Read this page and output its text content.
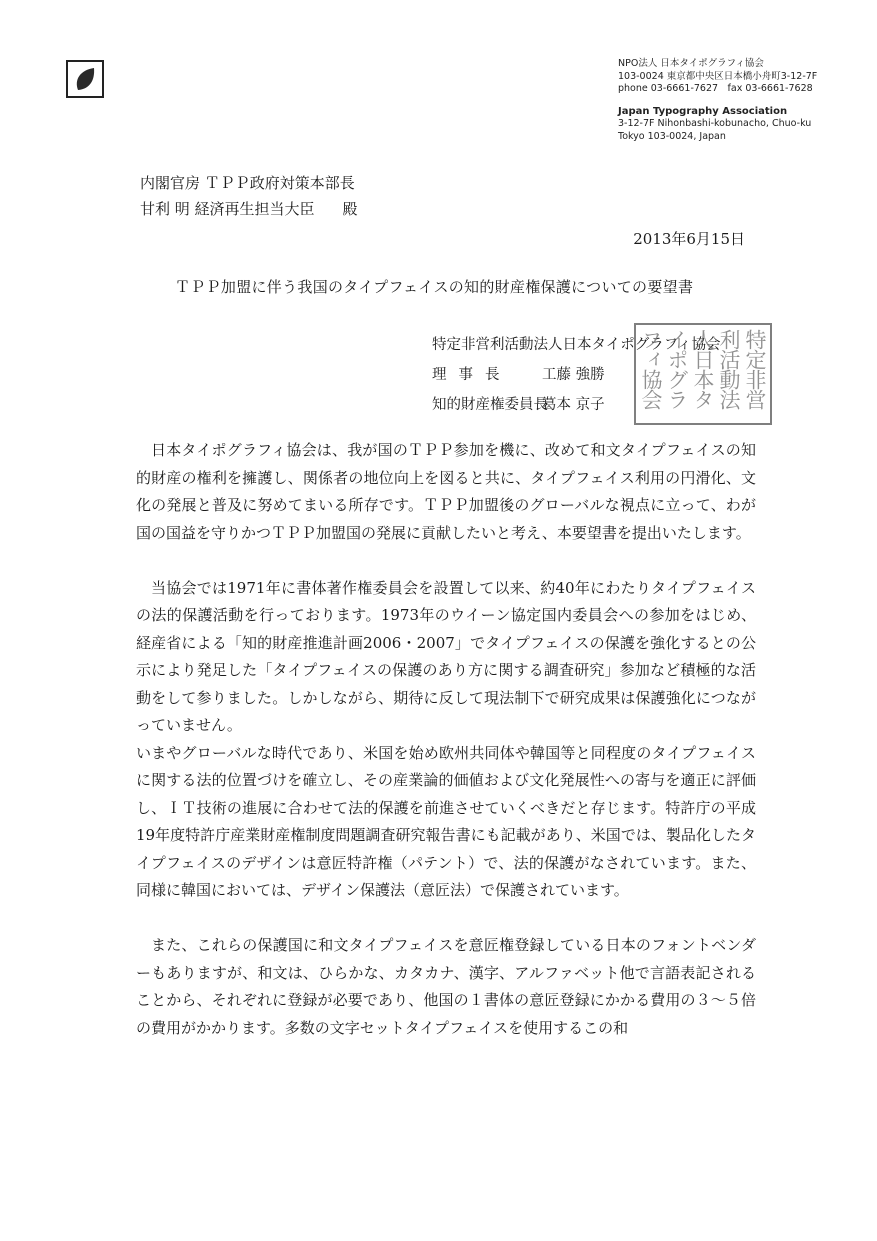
NPO法人 日本タイポグラフィ協会
103-0024 東京都中央区日本橋小舟町3-12-7F
phone 03-6661-7627　fax 03-6661-7628
Japan Typography Association
3-12-7F Nihonbashi-kobunacho, Chuo-ku
Tokyo 103-0024, Japan
内閣官房 ＴＰＰ政府対策本部長
甘利 明 経済再生担当大臣 殿
2013年6月15日
ＴＰＰ加盟に伴う我国のタイプフェイスの知的財産権保護についての要望書
特定非営利活動法人日本タイポグラフィ協会
理事長 工藤 強勝
知的財産権委員長葛本 京子	特定非営
利活動法
人日本タ
イポグラ
フィ協会

日本タイポグラフィ協会は、我が国のＴＰＰ参加を機に、改めて和文タイプフェイスの知的財産の権利を擁護し、関係者の地位向上を図ると共に、タイプフェイス利用の円滑化、文化の発展と普及に努めてまいる所存です。ＴＰＰ加盟後のグローバルな視点に立って、わが国の国益を守りかつＴＰＰ加盟国の発展に貢献したいと考え、本要望書を提出いたします。

当協会では1971年に書体著作権委員会を設置して以来、約40年にわたりタイプフェイスの法的保護活動を行っております。1973年のウイーン協定国内委員会への参加をはじめ、経産省による「知的財産推進計画2006・2007」でタイプフェイスの保護を強化するとの公示により発足した「タイプフェイスの保護のあり方に関する調査研究」参加など積極的な活動をして参りました。しかしながら、期待に反して現法制下で研究成果は保護強化につながっていません。

いまやグローバルな時代であり、米国を始め欧州共同体や韓国等と同程度のタイプフェイスに関する法的位置づけを確立し、その産業論的価値および文化発展性への寄与を適正に評価し、ＩＴ技術の進展に合わせて法的保護を前進させていくべきだと存じます。特許庁の平成19年度特許庁産業財産権制度問題調査研究報告書にも記載があり、米国では、製品化したタイプフェイスのデザインは意匠特許権（パテント）で、法的保護がなされています。また、同様に韓国においては、デザイン保護法（意匠法）で保護されています。

また、これらの保護国に和文タイプフェイスを意匠権登録している日本のフォントベンダーもありますが、和文は、ひらかな、カタカナ、漢字、アルファベット他で言語表記されることから、それぞれに登録が必要であり、他国の１書体の意匠登録にかかる費用の３～５倍の費用がかかります。多数の文字セットタイプフェイスを使用するこの和
